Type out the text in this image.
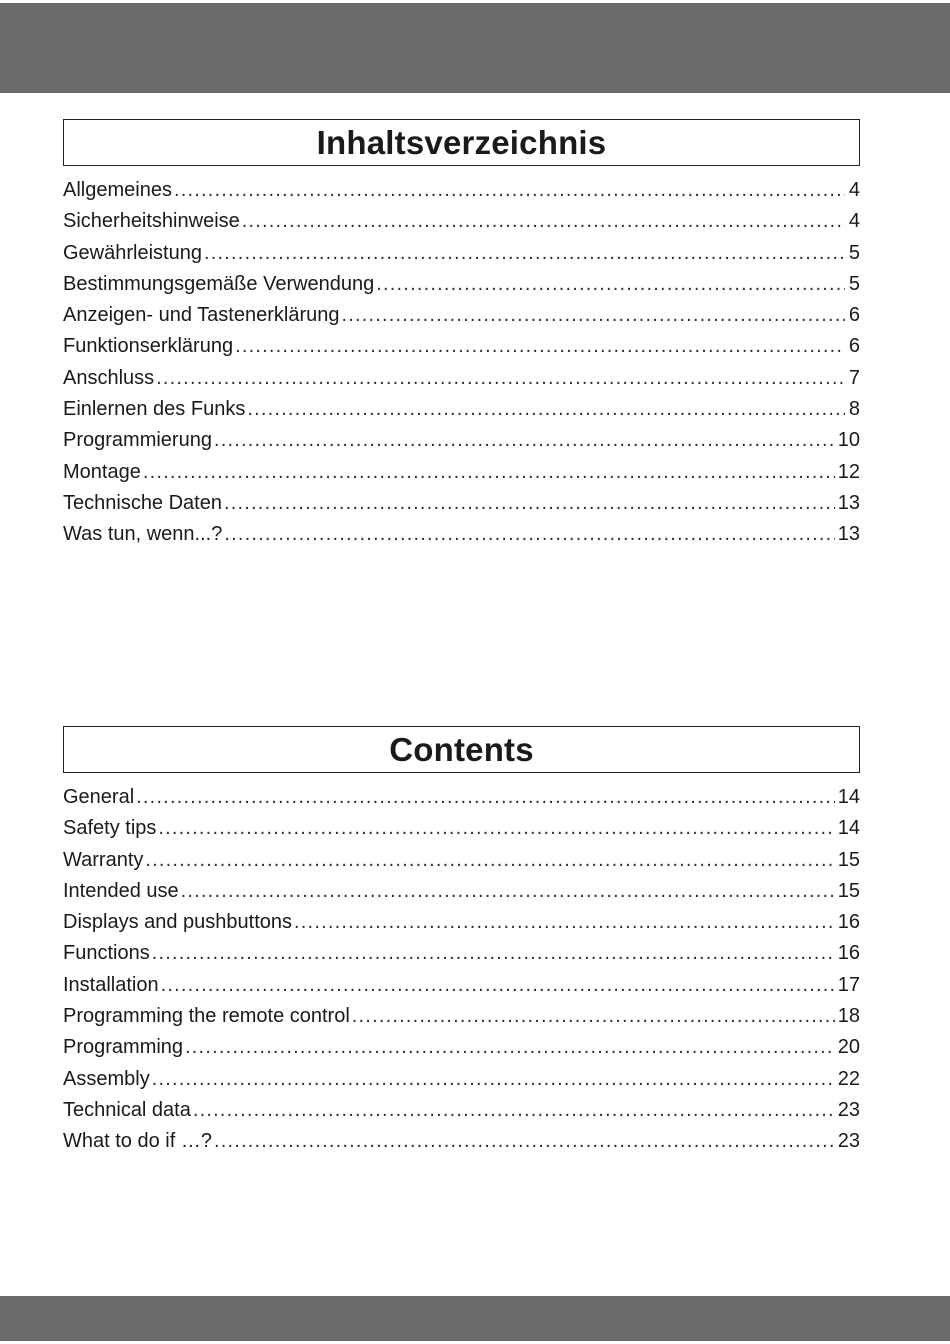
Inhaltsverzeichnis
Allgemeines .....	4
Sicherheitshinweise .....	4
Gewährleistung .....	5
Bestimmungsgemäße Verwendung .....	5
Anzeigen- und Tastenerklärung .....	6
Funktionserklärung .....	6
Anschluss .....	7
Einlernen des Funks .....	8
Programmierung .....	10
Montage .....	12
Technische Daten .....	13
Was tun, wenn...? .....	13
Contents
General .....	14
Safety tips .....	14
Warranty .....	15
Intended use .....	15
Displays and pushbuttons .....	16
Functions .....	16
Installation .....	17
Programming the remote control .....	18
Programming .....	20
Assembly .....	22
Technical data .....	23
What to do if …? .....	23
